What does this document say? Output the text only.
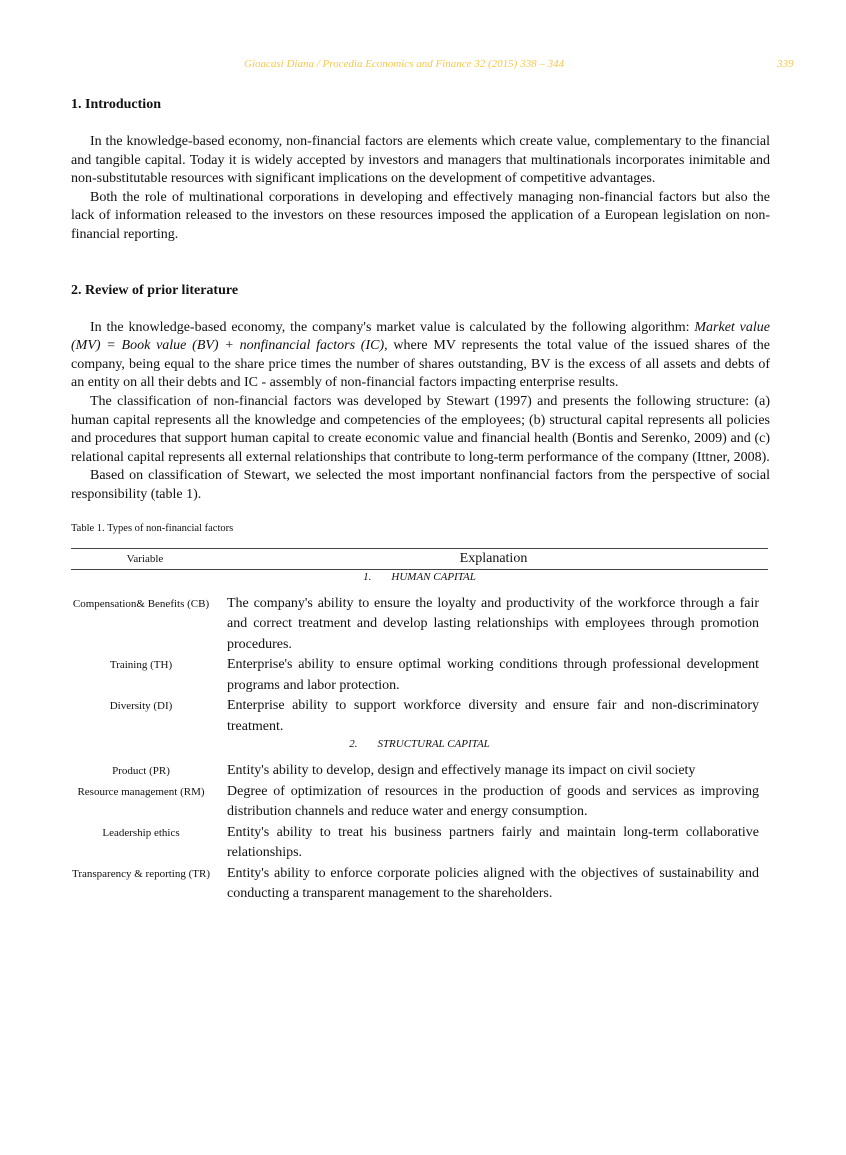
Gioacasi Diana / Procedia Economics and Finance 32 (2015) 338 – 344	339
1. Introduction

In the knowledge-based economy, non-financial factors are elements which create value, complementary to the financial and tangible capital. Today it is widely accepted by investors and managers that multinationals incorporates inimitable and non-substitutable resources with significant implications on the development of competitive advantages.

Both the role of multinational corporations in developing and effectively managing non-financial factors but also the lack of information released to the investors on these resources imposed the application of a European legislation on non-financial reporting.

2. Review of prior literature

In the knowledge-based economy, the company's market value is calculated by the following algorithm: Market value (MV) = Book value (BV) + nonfinancial factors (IC), where MV represents the total value of the issued shares of the company, being equal to the share price times the number of shares outstanding, BV is the excess of all assets and debts of an entity on all their debts and IC - assembly of non-financial factors impacting enterprise results.

The classification of non-financial factors was developed by Stewart (1997) and presents the following structure: (a) human capital represents all the knowledge and competencies of the employees; (b) structural capital represents all policies and procedures that support human capital to create economic value and financial health (Bontis and Serenko, 2009) and (c) relational capital represents all external relationships that contribute to long-term performance of the company (Ittner, 2008).

Based on classification of Stewart, we selected the most important nonfinancial factors from the perspective of social responsibility (table 1).

Table 1. Types of non-financial factors
Variable	Explanation
1. HUMAN CAPITAL	
Compensation& Benefits (CB)	The company's ability to ensure the loyalty and productivity of the workforce through a fair and correct treatment and develop lasting relationships with employees through promotion procedures.
Training (TH)	Enterprise's ability to ensure optimal working conditions through professional development programs and labor protection.
Diversity (DI)	Enterprise ability to support workforce diversity and ensure fair and non-discriminatory treatment.
2. STRUCTURAL CAPITAL	
Product (PR)	Entity's ability to develop, design and effectively manage its impact on civil society
Resource management (RM)	Degree of optimization of resources in the production of goods and services as improving distribution channels and reduce water and energy consumption.
Leadership ethics	Entity's ability to treat his business partners fairly and maintain long-term collaborative relationships.
Transparency & reporting (TR)	Entity's ability to enforce corporate policies aligned with the objectives of sustainability and conducting a transparent management to the shareholders.
